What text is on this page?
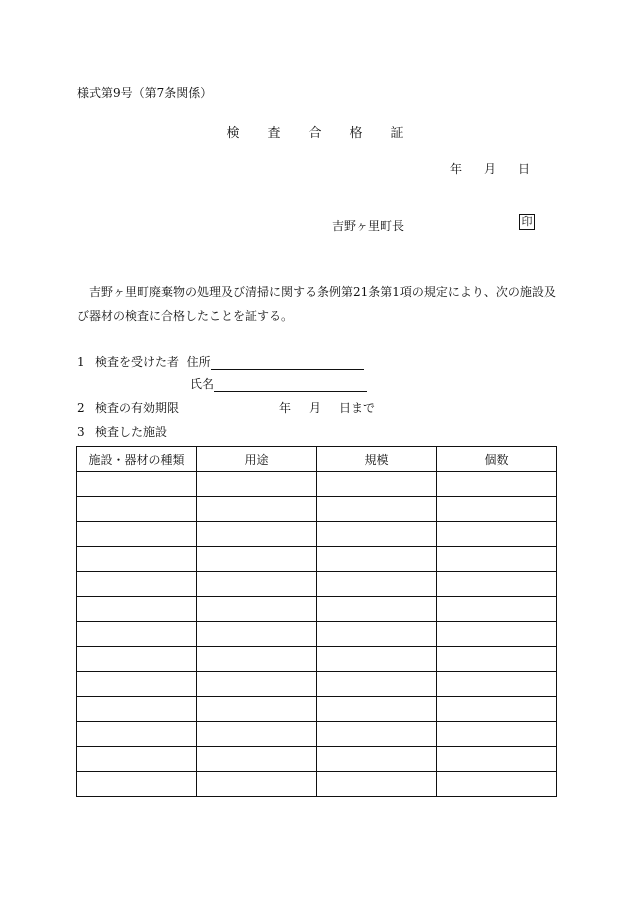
様式第9号（第7条関係）
検 査 合 格 証
年 月 日
吉野ヶ里町長	印
吉野ヶ里町廃棄物の処理及び清掃に関する条例第21条第1項の規定により、次の施設及び器材の検査に合格したことを証する。
1 検査を受けた者 住所
氏名
2 検査の有効期限	年 月 日まで
3 検査した施設
施設・器材の種類	用途	規模	個数
